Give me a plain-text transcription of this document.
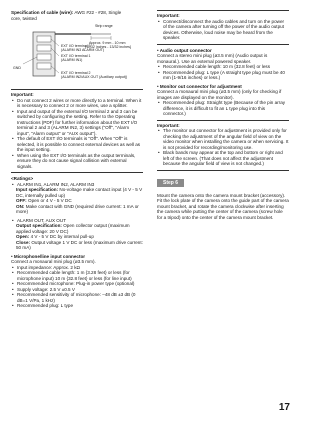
Specification of cable (wire): AWG #22 - #28, Single
core, twisted

Strip range
Approx. 9 mm - 10 mm
{11/32 inches - 13/32 inches}
EXT I/O terminal 3
(ALARM IN3 ALARM OUT)
EXT I/O terminal 1
(ALARM IN1)
GND
EXT I/O terminal 2
(ALARM IN2/AUX OUT (Auxiliary output))

Important:

• Do not connect 2 wires or more directly to a terminal. When it is necessary to connect 2 or more wires, use a splitter.
• Input and output of the external I/O terminal 2 and 3 can be switched by configuring the setting. Refer to the Operating Instructions (PDF) for further information about the EXT I/O terminal 2 and 3 (ALARM IN2, 3) settings ("Off", "Alarm input", "Alarm output" or "AUX output").
• The default of EXT I/O terminals is "Off". When "Off" is selected, it is possible to connect external devices as well as the input setting.
• When using the EXT I/O terminals as the output terminals, ensure they do not cause signal collision with external signals.

<Ratings>

• ALARM IN1, ALARM IN2, ALARM IN3

Input specification: No-voltage make contact input (4 V - 5 V DC, internally pulled up)

OFF: Open or 4 V - 5 V DC

ON: Make contact with GND (required drive current: 1 mA or more)

• ALARM OUT, AUX OUT

Output specification: Open collector output (maximum applied voltage: 20 V DC)

Open: 4 V - 5 V DC by internal pull-up

Close: Output voltage 1 V DC or less (maximum drive current: 50 mA)

• Microphone/line input connector

Connect a monaural mini plug (ø3.5 mm).

• Input impedance: Approx. 2 kΩ
• Recommended cable length: 1 m {3.28 feet} or less (for microphone input) 10 m {32.8 feet} or less (for line input)
• Recommended microphone: Plug-in power type (optional)
• Supply voltage: 2.5 V ±0.5 V
• Recommended sensitivity of microphone: –48 dB ±3 dB (0 dB=1 V/Pa, 1 kHz)
• Recommended plug: L type

Important:

• Connect/disconnect the audio cables and turn on the power of the camera after turning off the power of the audio output devices. Otherwise, loud noise may be heard from the speaker.

• Audio output connector

Connect a stereo mini plug (ø3.5 mm) (Audio output is monaural.). Use an external powered speaker.

• Recommended cable length: 10 m {32.8 feet} or less
• Recommended plug: L type (A straight type plug must be 40 mm {1-9/16 inches} or less.)

• Monitor out connector for adjustment

Connect a monaural mini plug (ø3.5 mm) (only for checking if images are displayed on the monitor).

• Recommended plug: Straight type (Because of the pin array difference, it is difficult to fit an L type plug into this connector.)

Important:

• The monitor out connector for adjustment is provided only for checking the adjustment of the angular field of view on the video monitor when installing the camera or when servicing. It is not provided for recording/monitoring use.
• Black bands may appear at the top and bottom or right and left of the screen. (That does not affect the adjustment because the angular field of view is not changed.)
Step 6

Mount the camera onto the camera mount bracket (accessory). Fit the lock plate of the camera onto the guide part of the camera mount bracket, and rotate the camera clockwise after inserting the camera while putting the center of the camera (screw hole for a tripod) onto the center of the camera mount bracket.

17
